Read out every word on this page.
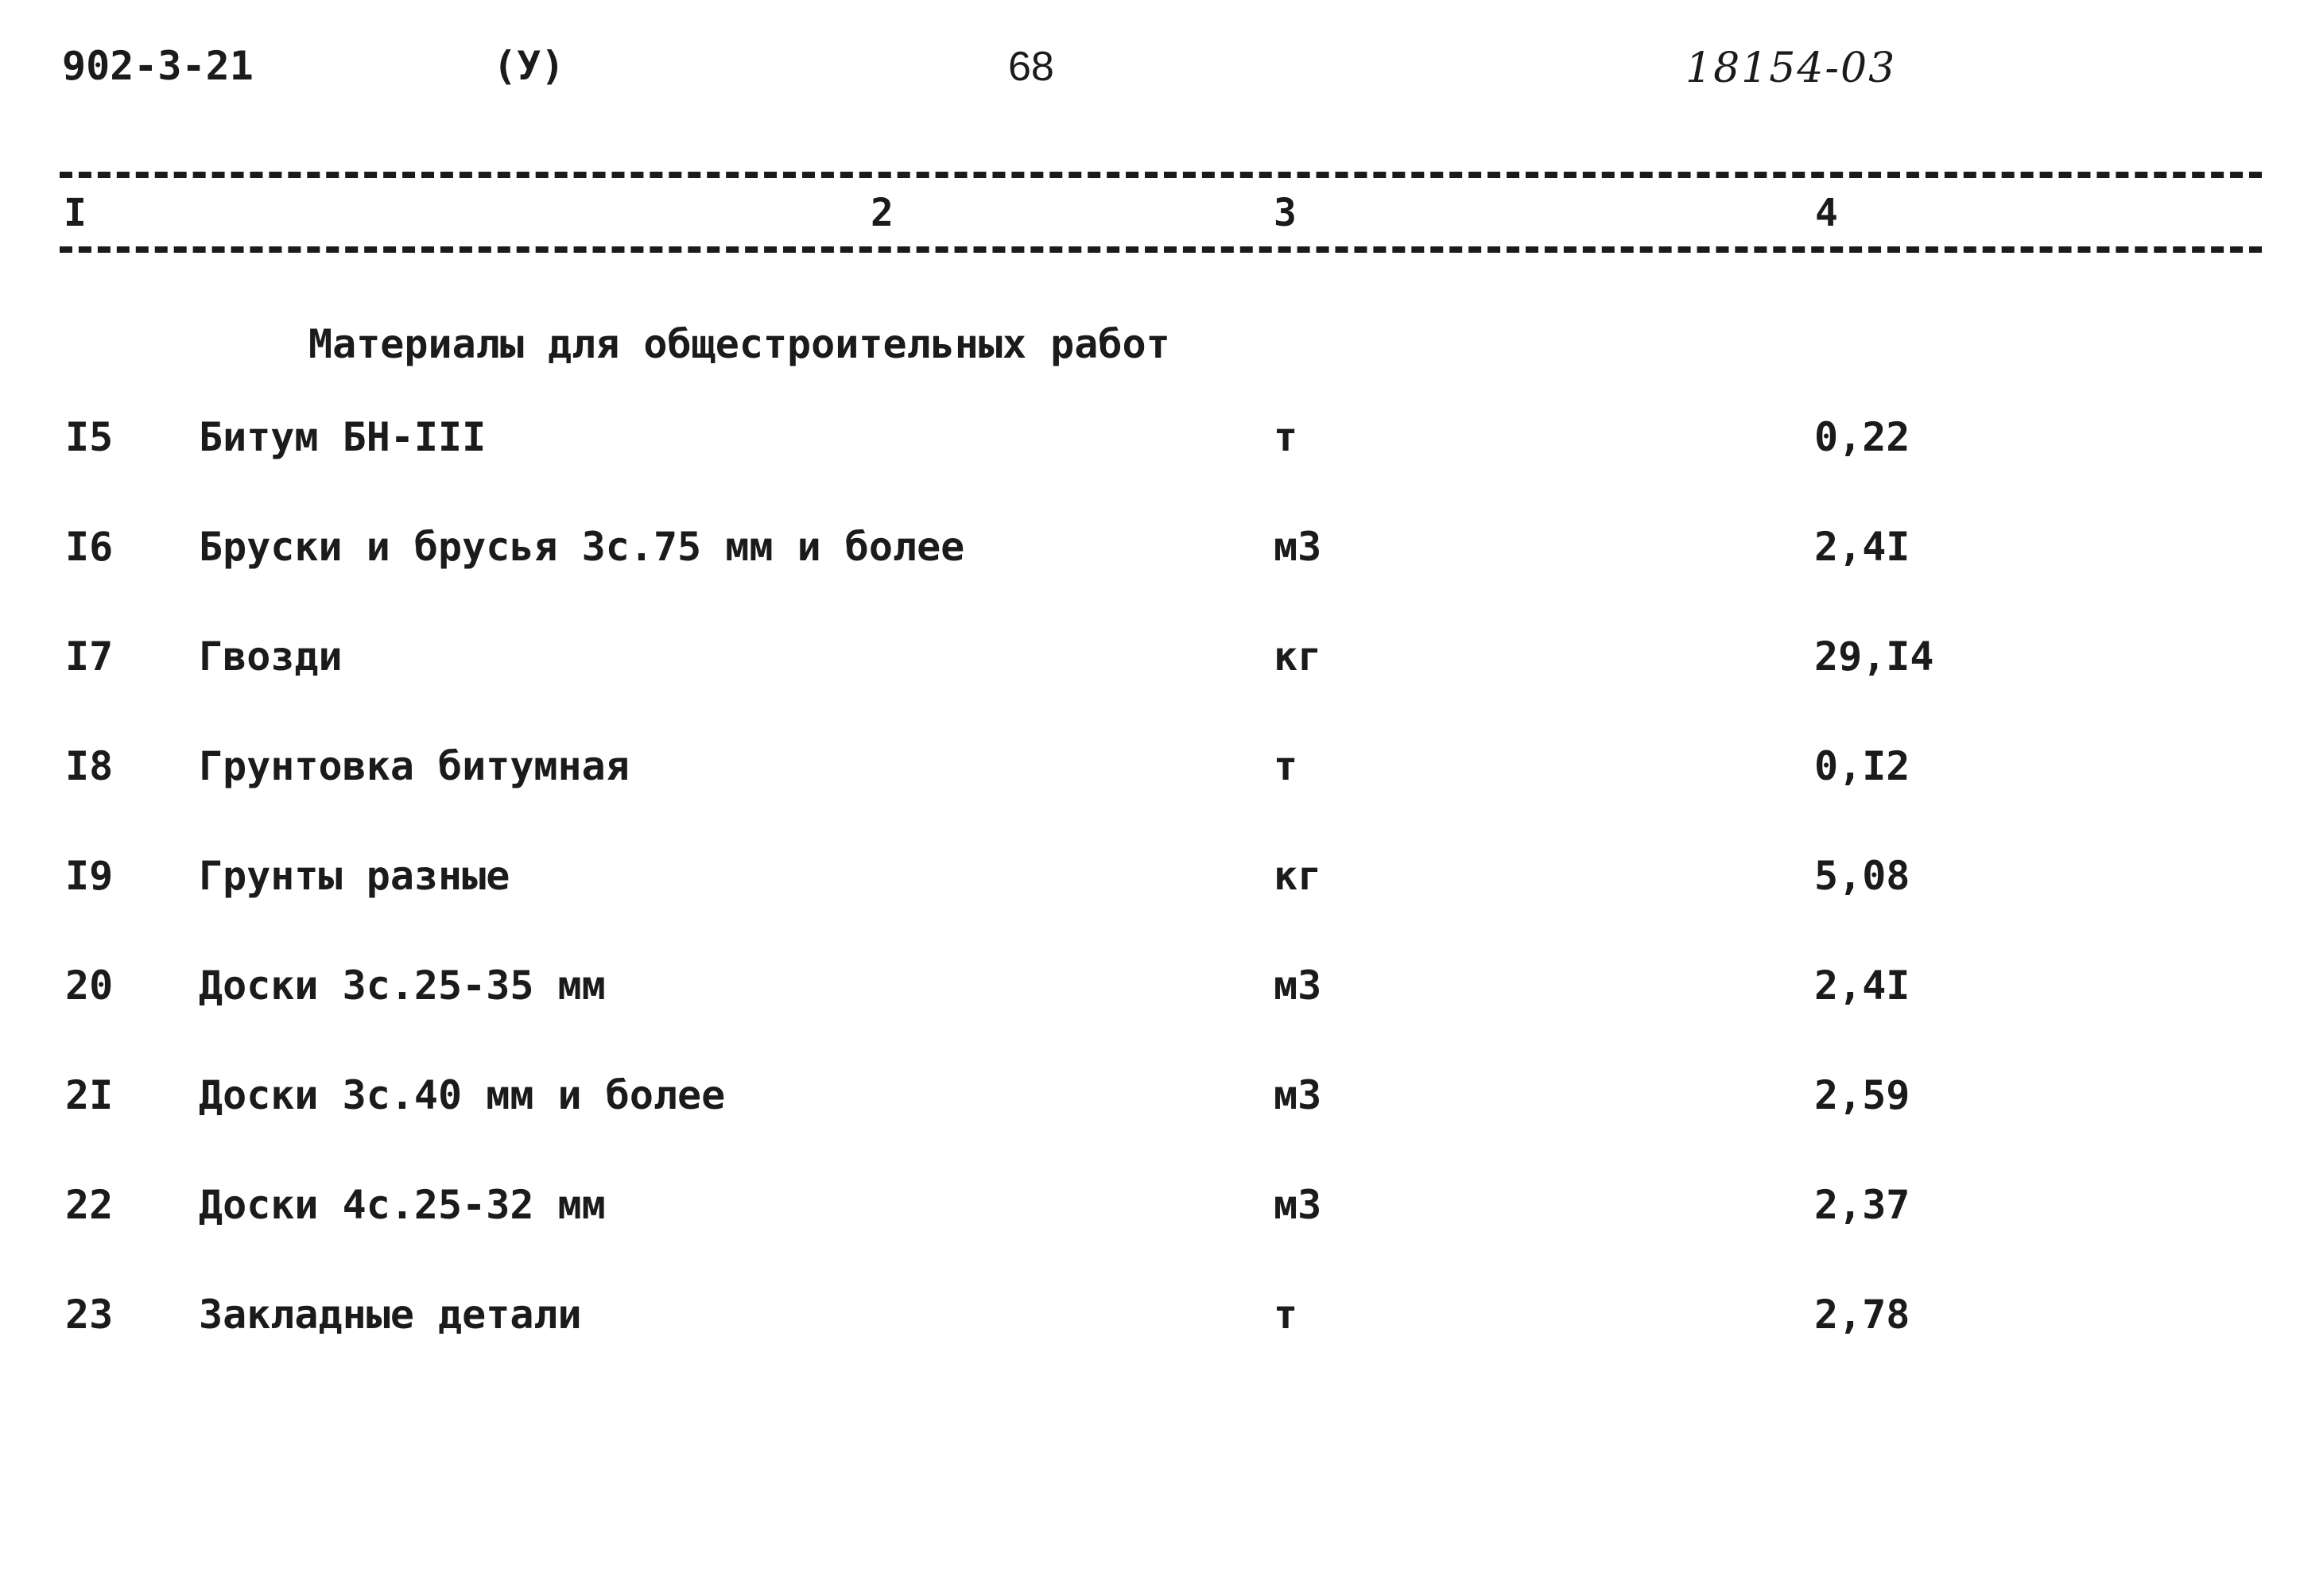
902-3-21	(У)	68	18154-03
I	2	3	4
Материалы для общестроительных работ
I5 Битум БН-III	т	0,22
I6 Бруски и брусья 3с.75 мм и более	м3	2,4I
I7 Гвозди	кг	29,I4
I8 Грунтовка битумная	т	0,I2
I9 Грунты разные	кг	5,08
20 Доски 3с.25-35 мм	м3	2,4I
2I Доски 3с.40 мм и более	м3	2,59
22 Доски 4с.25-32 мм	м3	2,37
23 Закладные детали	т	2,78
